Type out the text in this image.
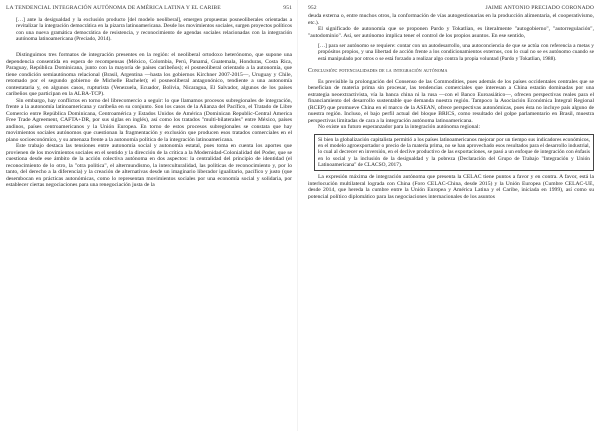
LA TENDENCIAL INTEGRACIÓN AUTÓNOMA DE AMÉRICA LATINA Y EL CARIBE	951

[…] ante la desigualdad y la exclusión producto [del modelo neoliberal], emergen propuestas posneoliberales orientadas a revitalizar la integración democrática en la pizarra latinoamericana. Desde los movimientos sociales, surgen proyectos políticos con una nueva gramática democrática de resistencia, y reconocimiento de agendas sociales relacionadas con la integración autónoma latinoamericana (Preciado, 2014).

Distinguimos tres formatos de integración presentes en la región: el neoliberal ortodoxo heterónomo, que supone una dependencia consentida en espera de recompensas (México, Colombia, Perú, Panamá, Guatemala, Honduras, Costa Rica, Paraguay, República Dominicana, junto con la mayoría de países caribeños); el posneoliberal orientado a la autonomía, que tiene condición semiautónoma relacional (Brasil, Argentina —hasta los gobiernos Kirchner 2007-2015—, Uruguay y Chile, retomado por el segundo gobierno de Michelle Bachelet); el posneoliberal antagonónico, tendiente a una autonomía contestataria y, en algunos casos, rupturista (Venezuela, Ecuador, Bolivia, Nicaragua, El Salvador, algunos de los países caribeños que participan en la ALBA-TCP).

Sin embargo, hay conflictos en torno del librecomercio a seguir: lo que llamamos procesos subregionales de integración, frente a la autonomía latinoamericana y caribeña en su conjunto. Son los casos de la Alianza del Pacífico, el Tratado de Libre Comercio entre República Dominicana, Centroamérica y Estados Unidos de América (Dominican Republic-Central America Free Trade Agreement, CAFTA+DR, por sus siglas en inglés), así como los tratados "multi-bilaterales" entre México, países andinos, países centroamericanos y la Unión Europea. En torno de estos procesos subregionales se constata que hay movimientos sociales autónomos que cuestionan la fragmentación y exclusión que producen esos tratados comerciales en el plano socioeconómico, y su amenaza frente a la autonomía política de la integración latinoamericana.

Este trabajo destaca las tensiones entre autonomía social y autonomía estatal, pues toma en cuenta los aportes que provienen de los movimientos sociales en el sentido y la dirección de la crítica a la Modernidad-Colonialidad del Poder, que se cuestiona desde ese ámbito de la acción colectiva autónoma en dos aspectos: la centralidad del principio de identidad (el reconocimiento de lo otro, la "otra política", el altermundismo, la interculturalidad, las políticas de reconocimiento y, por lo tanto, del derecho a la diferencia) y la creación de alternativas desde un imaginario liberador igualitario, pacífico y justo (que desembocan en prácticas autonómicas, como lo representan movimientos sociales por una economía social y solidaria, por establecer ciertas negociaciones para una renegociación justa de la

952	JAIME ANTONIO PRECIADO CORONADO

deuda externa o, entre muchos otros, la conformación de vías autogestionarias en la producción alimentaria, el cooperativismo, etc.).

El significado de autonomía que se proponen Pardo y Tokatlian, es literalmente "autogobierno", "autorregulación", "autodominio". Así, ser autónomo implica tener el control de los propios asuntos. En ese sentido,

[…] para ser autónomo se requiere: contar con un autodesarrollo, una autoconciencia de que se actúa con referencia a metas y propósitos propios, y una libertad de acción frente a los condicionamientos externos, con lo cual no se es autónomo cuando se está manipulado por otros o se está forzado a realizar algo contra la propia voluntad (Pardo y Tokatlian, 1988).

Conclusión: potencialidades de la integración autónoma

Es previsible la prolongación del Consenso de las Commodities, pues además de los países occidentales centrales que se benefician de materia prima sin procesar, las tendencias comerciales que interesan a China estarán dominadas por una estrategia neoextractivista, vía la banca china ni la rusa —con el Banco Euroasiático—, ofrecen perspectivas reales para el financiamiento del desarrollo sustentable que demanda nuestra región. Tampoco la Asociación Económica Integral Regional (RCEP) que promueve China en el marco de la ASEAN, ofrece perspectivas autonómicas, pues ésta no incluye país alguno de nuestra región. Incluso, el bajo perfil actual del bloque BRICS, como resultado del golpe parlamentario en Brasil, muestra perspectivas limitadas de cara a la integración autónoma latinoamericana.

No existe un futuro esperanzador para la integración autónoma regional:

Si bien la globalización capitalista permitió a los países latinoamericanos mejorar por un tiempo sus indicadores económicos, en el modelo agroexportador o precio de la materia prima, no se han aprovechado esos resultados para el desarrollo industrial, lo cual al decrecer en inversión, en el declive productivo de las exportaciones, se pasó a un enfoque de integración con énfasis en lo social y la inclusión de la desigualdad y la pobreza (Declaración del Grupo de Trabajo "Integración y Unión Latinoamericana" de CLACSO, 2017).

La expresión máxima de integración autónoma que presenta la CELAC tiene puntos a favor y en contra. A favor, está la interlocución multilateral lograda con China (Foro CELAC-China, desde 2015) y la Unión Europea (Cumbre CELAC-UE, desde 2014, que hereda la cumbre entre la Unión Europea y América Latina y el Caribe, iniciada en 1999), así como su potencial político diplomático para las negociaciones internacionales de los asuntos
